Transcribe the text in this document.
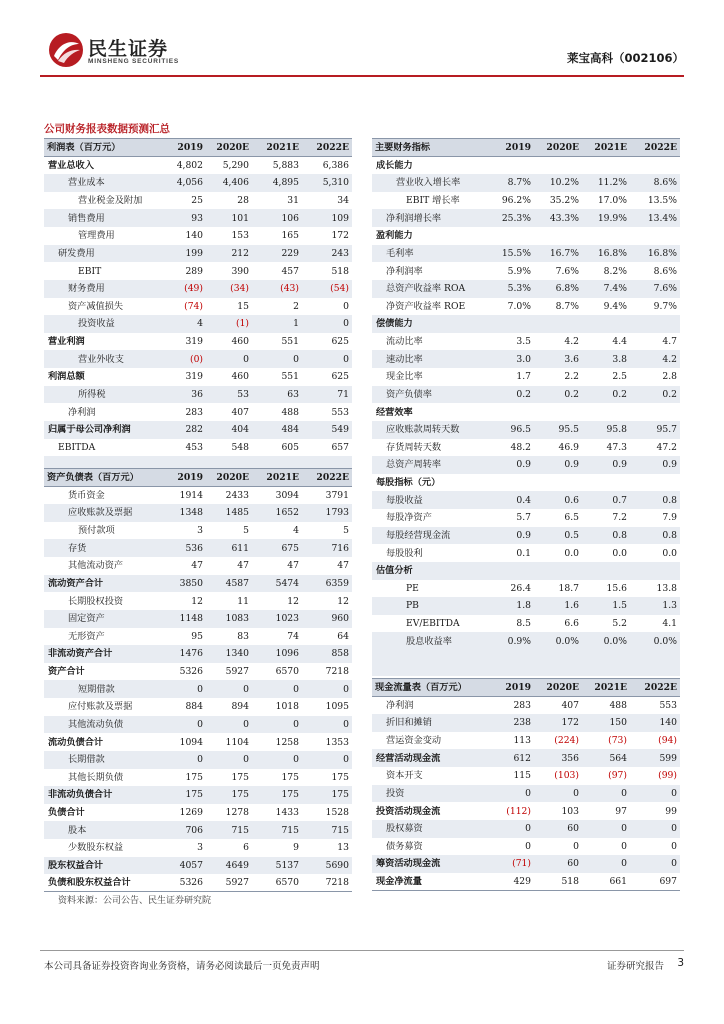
民生证券
MINSHENG SECURITIES	莱宝高科（002106）
公司财务报表数据预测汇总
利润表（百万元）	2019	2020E	2021E	2022E
营业总收入	4,802	5,290	5,883	6,386
营业成本	4,056	4,406	4,895	5,310
营业税金及附加	25	28	31	34
销售费用	93	101	106	109
管理费用	140	153	165	172
研发费用	199	212	229	243
EBIT	289	390	457	518
财务费用	(49)	(34)	(43)	(54)
资产减值损失	(74)	15	2	0
投资收益	4	(1)	1	0
营业利润	319	460	551	625
营业外收支	(0)	0	0	0
利润总额	319	460	551	625
所得税	36	53	63	71
净利润	283	407	488	553
归属于母公司净利润	282	404	484	549
EBITDA	453	548	605	657

资产负债表（百万元）	2019	2020E	2021E	2022E
货币资金	1914	2433	3094	3791
应收账款及票据	1348	1485	1652	1793
预付款项	3	5	4	5
存货	536	611	675	716
其他流动资产	47	47	47	47
流动资产合计	3850	4587	5474	6359
长期股权投资	12	11	12	12
固定资产	1148	1083	1023	960
无形资产	95	83	74	64
非流动资产合计	1476	1340	1096	858
资产合计	5326	5927	6570	7218
短期借款	0	0	0	0
应付账款及票据	884	894	1018	1095
其他流动负债	0	0	0	0
流动负债合计	1094	1104	1258	1353
长期借款	0	0	0	0
其他长期负债	175	175	175	175
非流动负债合计	175	175	175	175
负债合计	1269	1278	1433	1528
股本	706	715	715	715
少数股东权益	3	6	9	13
股东权益合计	4057	4649	5137	5690
负债和股东权益合计	5326	5927	6570	7218
主要财务指标	2019	2020E	2021E	2022E
成长能力				
营业收入增长率	8.7%	10.2%	11.2%	8.6%
EBIT 增长率	96.2%	35.2%	17.0%	13.5%
净利润增长率	25.3%	43.3%	19.9%	13.4%
盈利能力				
毛利率	15.5%	16.7%	16.8%	16.8%
净利润率	5.9%	7.6%	8.2%	8.6%
总资产收益率 ROA	5.3%	6.8%	7.4%	7.6%
净资产收益率 ROE	7.0%	8.7%	9.4%	9.7%
偿债能力				
流动比率	3.5	4.2	4.4	4.7
速动比率	3.0	3.6	3.8	4.2
现金比率	1.7	2.2	2.5	2.8
资产负债率	0.2	0.2	0.2	0.2
经营效率				
应收账款周转天数	96.5	95.5	95.8	95.7
存货周转天数	48.2	46.9	47.3	47.2
总资产周转率	0.9	0.9	0.9	0.9
每股指标（元）				
每股收益	0.4	0.6	0.7	0.8
每股净资产	5.7	6.5	7.2	7.9
每股经营现金流	0.9	0.5	0.8	0.8
每股股利	0.1	0.0	0.0	0.0
估值分析				
PE	26.4	18.7	15.6	13.8
PB	1.8	1.6	1.5	1.3
EV/EBITDA	8.5	6.6	5.2	4.1
股息收益率	0.9%	0.0%	0.0%	0.0%

现金流量表（百万元）	2019	2020E	2021E	2022E
净利润	283	407	488	553
折旧和摊销	238	172	150	140
营运资金变动	113	(224)	(73)	(94)
经营活动现金流	612	356	564	599
资本开支	115	(103)	(97)	(99)
投资	0	0	0	0
投资活动现金流	(112)	103	97	99
股权募资	0	60	0	0
债务募资	0	0	0	0
筹资活动现金流	(71)	60	0	0
现金净流量	429	518	661	697
资料来源：公司公告、民生证券研究院
本公司具备证券投资咨询业务资格，请务必阅读最后一页免责声明	证券研究报告 3
